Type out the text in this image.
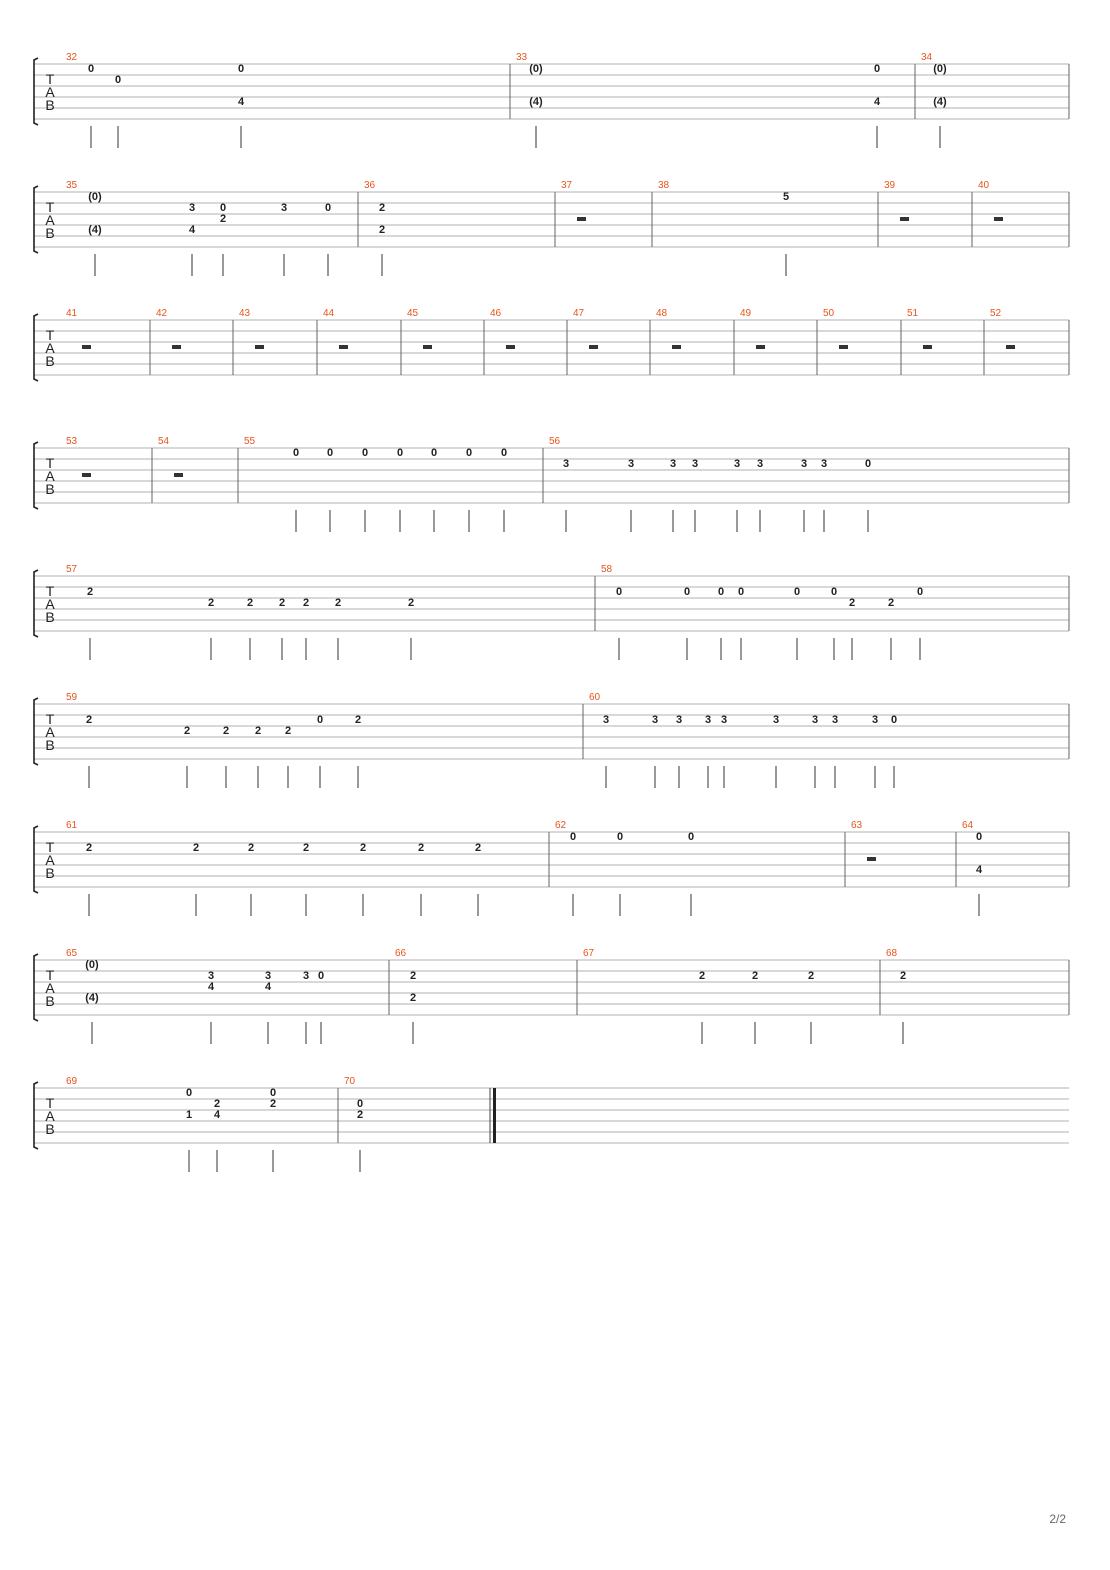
T
A
B
32
0
0
0
4
33
(0)
(4)
34
0
4
(0)
(4)
T
A
B
35
(0)
(4)
3
4
0
2
3	0
36
2
2
37	38
5
39	40
T
A
B
41	42	43	44	45	46	47	48	49	50	51	52
T
A
B
53	54	55
0	0	0	0	0	0	0
56
3	3	3 3	3 3	3 3	0
T
A
B
57
2
2	2 2 2 2	2
58
0	0	0 0	0	0
2	2
0
T
A
B
59
2
2	2 2 2
0	2
60
3	3 3 3 3	3	3 3	3 0
T
A
B
61
2	2	2	2	2	2	2
62
0	0	0
63	64
0
4
T
A
B
65
(0)
(4)
3
4
3
4
3 0
66
2
2
67
2	2	2
68
2
T
A
B
69
0
2
1 4
0
2
70
0
2
2/2
